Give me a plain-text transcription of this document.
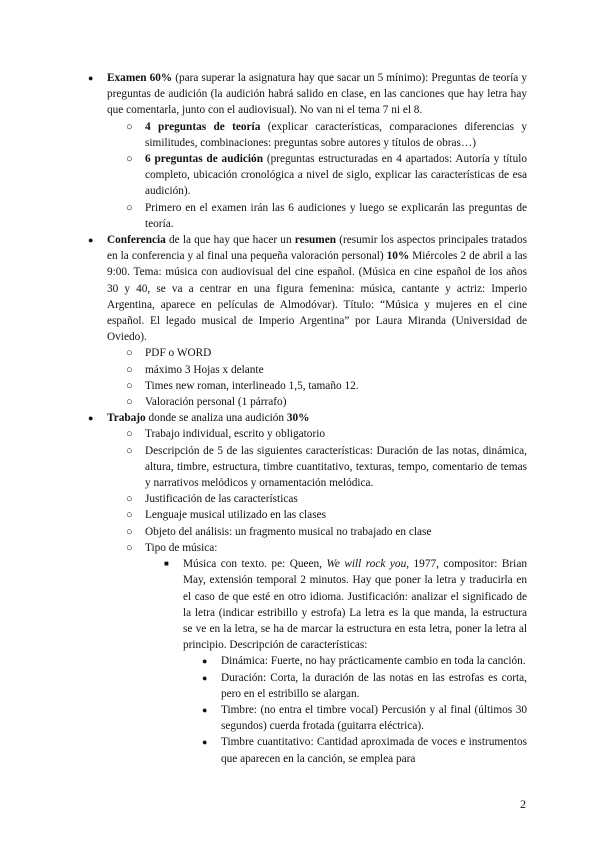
● Examen 60% (para superar la asignatura hay que sacar un 5 mínimo): Preguntas de teoría y preguntas de audición (la audición habrá salido en clase, en las canciones que hay letra hay que comentarla, junto con el audiovisual). No van ni el tema 7 ni el 8.
○ 4 preguntas de teoría (explicar características, comparaciones diferencias y similitudes, combinaciones: preguntas sobre autores y títulos de obras…)
○ 6 preguntas de audición (preguntas estructuradas en 4 apartados: Autoría y título completo, ubicación cronológica a nivel de siglo, explicar las características de esa audición).
○ Primero en el examen irán las 6 audiciones y luego se explicarán las preguntas de teoría.
● Conferencia de la que hay que hacer un resumen (resumir los aspectos principales tratados en la conferencia y al final una pequeña valoración personal) 10% Miércoles 2 de abril a las 9:00. Tema: música con audiovisual del cine español. (Música en cine español de los años 30 y 40, se va a centrar en una figura femenina: música, cantante y actriz: Imperio Argentina, aparece en películas de Almodóvar). Título: “Música y mujeres en el cine español. El legado musical de Imperio Argentina” por Laura Miranda (Universidad de Oviedo).
○ PDF o WORD
○ máximo 3 Hojas x delante
○ Times new roman, interlineado 1,5, tamaño 12.
○ Valoración personal (1 párrafo)
● Trabajo donde se analiza una audición 30%
○ Trabajo individual, escrito y obligatorio
○ Descripción de 5 de las siguientes características: Duración de las notas, dinámica, altura, timbre, estructura, timbre cuantitativo, texturas, tempo, comentario de temas y narrativos melódicos y ornamentación melódica.
○ Justificación de las características
○ Lenguaje musical utilizado en las clases
○ Objeto del análisis: un fragmento musical no trabajado en clase
○ Tipo de música:
■ Música con texto. pe: Queen, We will rock you, 1977, compositor: Brian May, extensión temporal 2 minutos. Hay que poner la letra y traducirla en el caso de que esté en otro idioma. Justificación: analizar el significado de la letra (indicar estribillo y estrofa) La letra es la que manda, la estructura se ve en la letra, se ha de marcar la estructura en esta letra, poner la letra al principio. Descripción de características:
● Dinámica: Fuerte, no hay prácticamente cambio en toda la canción.
● Duración: Corta, la duración de las notas en las estrofas es corta, pero en el estribillo se alargan.
● Timbre: (no entra el timbre vocal) Percusión y al final (últimos 30 segundos) cuerda frotada (guitarra eléctrica).
● Timbre cuantitativo: Cantidad aproximada de voces e instrumentos que aparecen en la canción, se emplea para
2
